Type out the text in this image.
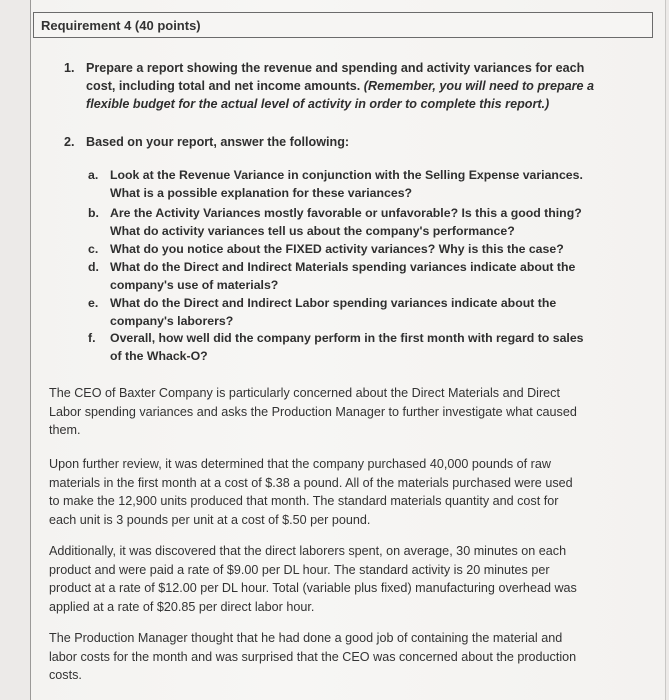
Requirement 4 (40 points)
1. Prepare a report showing the revenue and spending and activity variances for each
cost, including total and net income amounts. (Remember, you will need to prepare a
flexible budget for the actual level of activity in order to complete this report.)
2. Based on your report, answer the following:
a. Look at the Revenue Variance in conjunction with the Selling Expense variances.
What is a possible explanation for these variances?
b. Are the Activity Variances mostly favorable or unfavorable? Is this a good thing?
What do activity variances tell us about the company's performance?
c. What do you notice about the FIXED activity variances? Why is this the case?
d. What do the Direct and Indirect Materials spending variances indicate about the
company's use of materials?
e. What do the Direct and Indirect Labor spending variances indicate about the
company's laborers?
f. Overall, how well did the company perform in the first month with regard to sales
of the Whack-O?
The CEO of Baxter Company is particularly concerned about the Direct Materials and Direct
Labor spending variances and asks the Production Manager to further investigate what caused
them.
Upon further review, it was determined that the company purchased 40,000 pounds of raw
materials in the first month at a cost of $.38 a pound. All of the materials purchased were used
to make the 12,900 units produced that month. The standard materials quantity and cost for
each unit is 3 pounds per unit at a cost of $.50 per pound.
Additionally, it was discovered that the direct laborers spent, on average, 30 minutes on each
product and were paid a rate of $9.00 per DL hour. The standard activity is 20 minutes per
product at a rate of $12.00 per DL hour. Total (variable plus fixed) manufacturing overhead was
applied at a rate of $20.85 per direct labor hour.
The Production Manager thought that he had done a good job of containing the material and
labor costs for the month and was surprised that the CEO was concerned about the production
costs.
